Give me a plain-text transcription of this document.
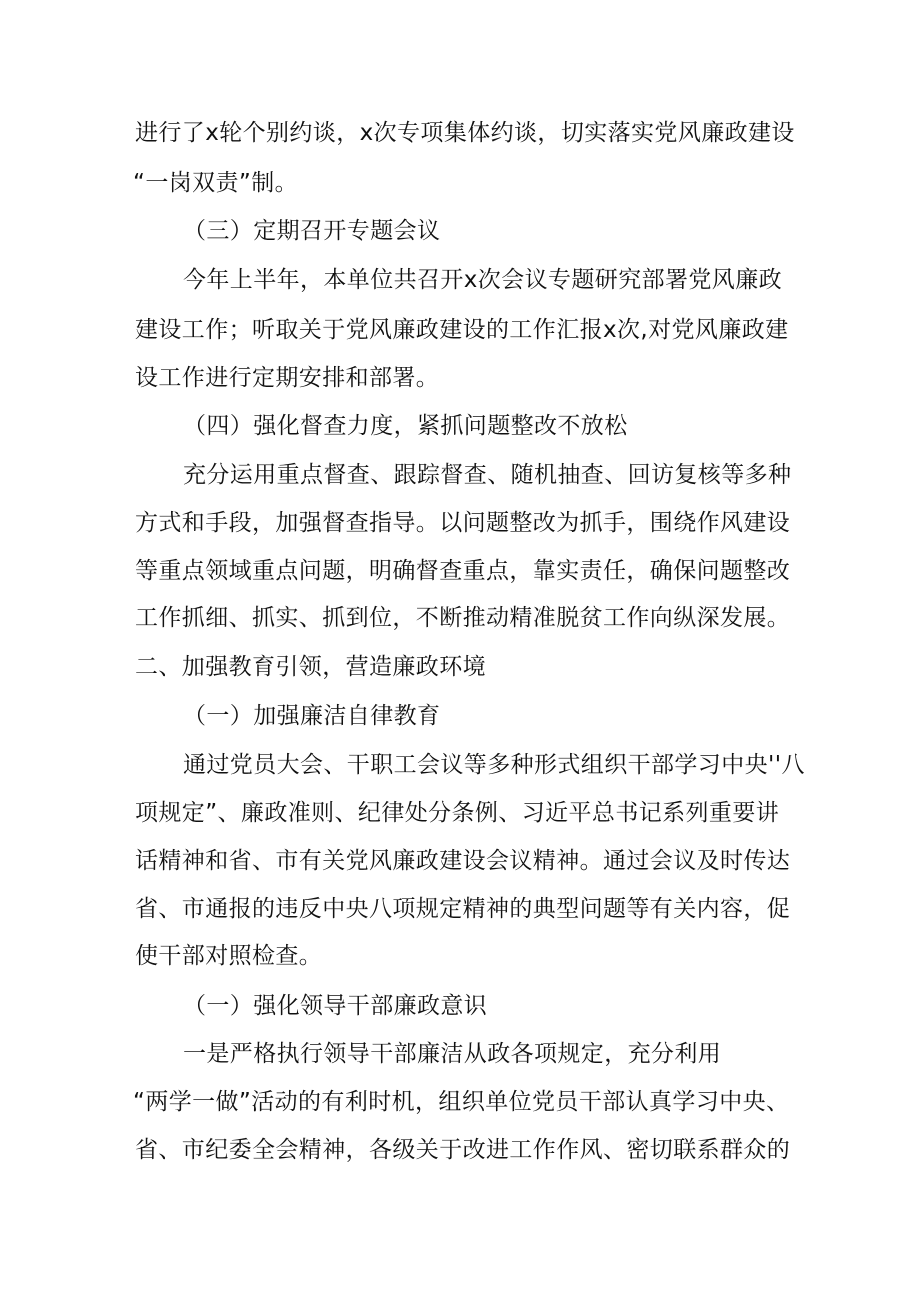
进行了x轮个别约谈，x次专项集体约谈，切实落实党风廉政建设
“一岗双责”制。
（三）定期召开专题会议
今年上半年，本单位共召开x次会议专题研究部署党风廉政
建设工作；听取关于党风廉政建设的工作汇报x次,对党风廉政建
设工作进行定期安排和部署。
（四）强化督查力度，紧抓问题整改不放松
充分运用重点督查、跟踪督查、随机抽查、回访复核等多种
方式和手段，加强督查指导。以问题整改为抓手，围绕作风建设
等重点领域重点问题，明确督查重点，靠实责任，确保问题整改
工作抓细、抓实、抓到位，不断推动精准脱贫工作向纵深发展。
二、加强教育引领，营造廉政环境
（一）加强廉洁自律教育
通过党员大会、干职工会议等多种形式组织干部学习中央''八
项规定”、廉政准则、纪律处分条例、习近平总书记系列重要讲
话精神和省、市有关党风廉政建设会议精神。通过会议及时传达
省、市通报的违反中央八项规定精神的典型问题等有关内容，促
使干部对照检查。
（一）强化领导干部廉政意识
一是严格执行领导干部廉洁从政各项规定，充分利用
“两学一做”活动的有利时机，组织单位党员干部认真学习中央、
省、市纪委全会精神，各级关于改进工作作风、密切联系群众的
